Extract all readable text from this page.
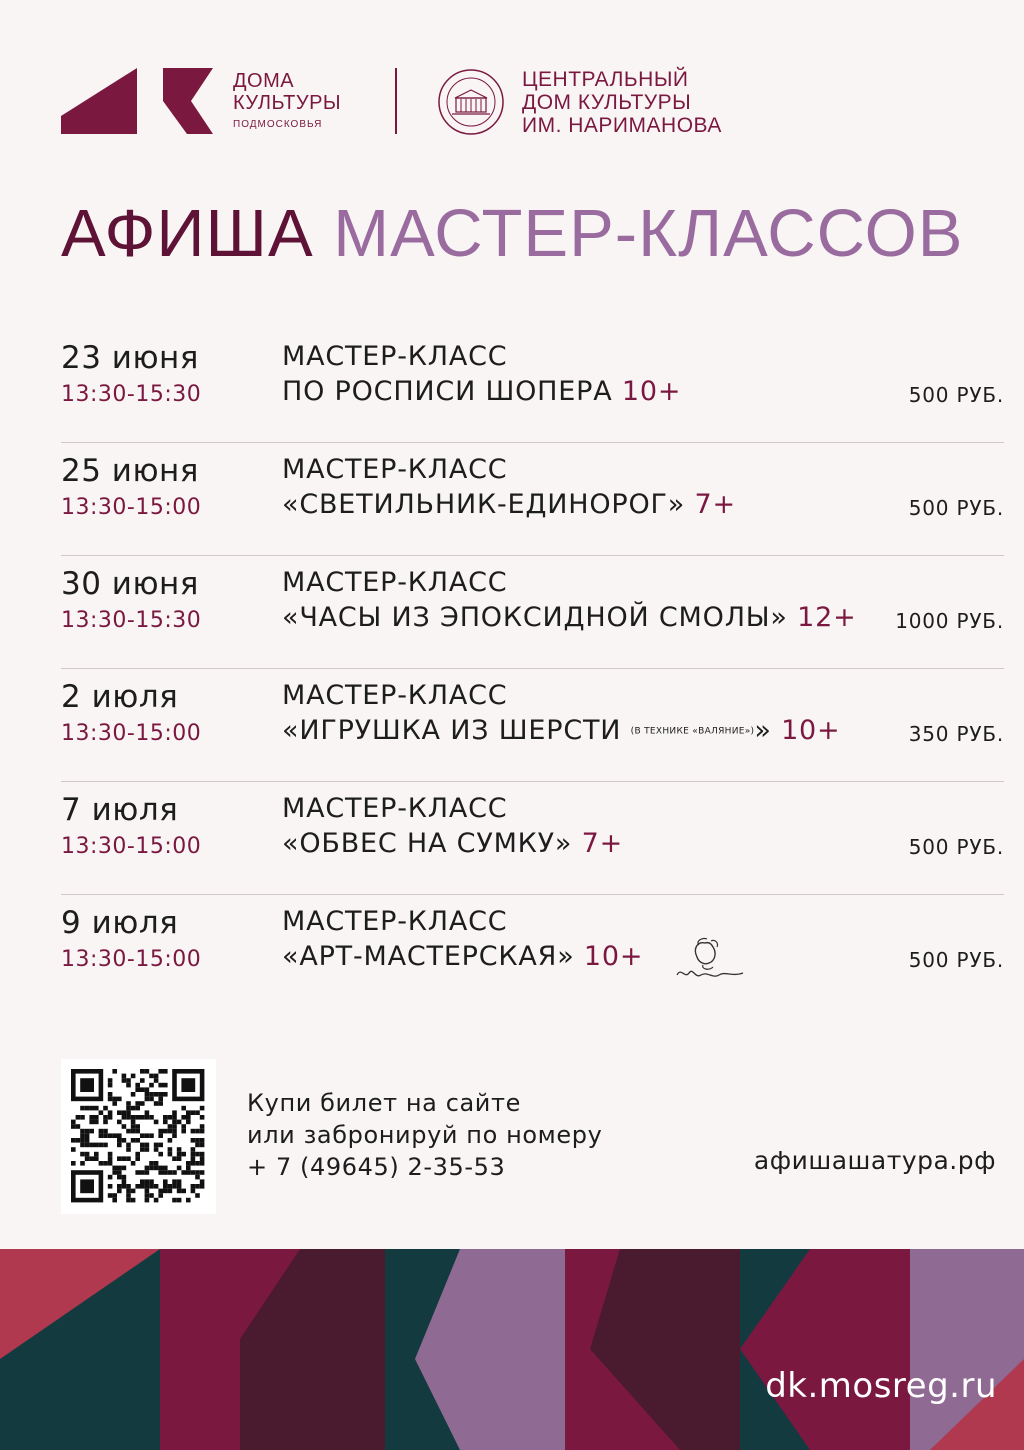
ДОМА
КУЛЬТУРЫ
ПОДМОСКОВЬЯ
ЦЕНТРАЛЬНЫЙ
ДОМ КУЛЬТУРЫ
ИМ. НАРИМАНОВА
АФИША МАСТЕР-КЛАССОВ
23 июня
13:30-15:30
МАСТЕР-КЛАСС
ПО РОСПИСИ ШОПЕРА 10+	500 РУБ.
25 июня
13:30-15:00
МАСТЕР-КЛАСС
«СВЕТИЛЬНИК-ЕДИНОРОГ» 7+	500 РУБ.
30 июня
13:30-15:30
МАСТЕР-КЛАСС
«ЧАСЫ ИЗ ЭПОКСИДНОЙ СМОЛЫ» 12+ 1000 РУБ.
2 июля
13:30-15:00
МАСТЕР-КЛАСС
«ИГРУШКА ИЗ ШЕРСТИ (В ТЕХНИКЕ «ВАЛЯНИЕ»)» 10+	350 РУБ.
7 июля
13:30-15:00
МАСТЕР-КЛАСС
«ОБВЕС НА СУМКУ» 7+	500 РУБ.
9 июля
13:30-15:00
МАСТЕР-КЛАСС
«АРТ-МАСТЕРСКАЯ» 10+	500 РУБ.
Купи билет на сайте
или забронируй по номеру
+ 7 (49645) 2-35-53	афишашатура.рф
dk.mosreg.ru
